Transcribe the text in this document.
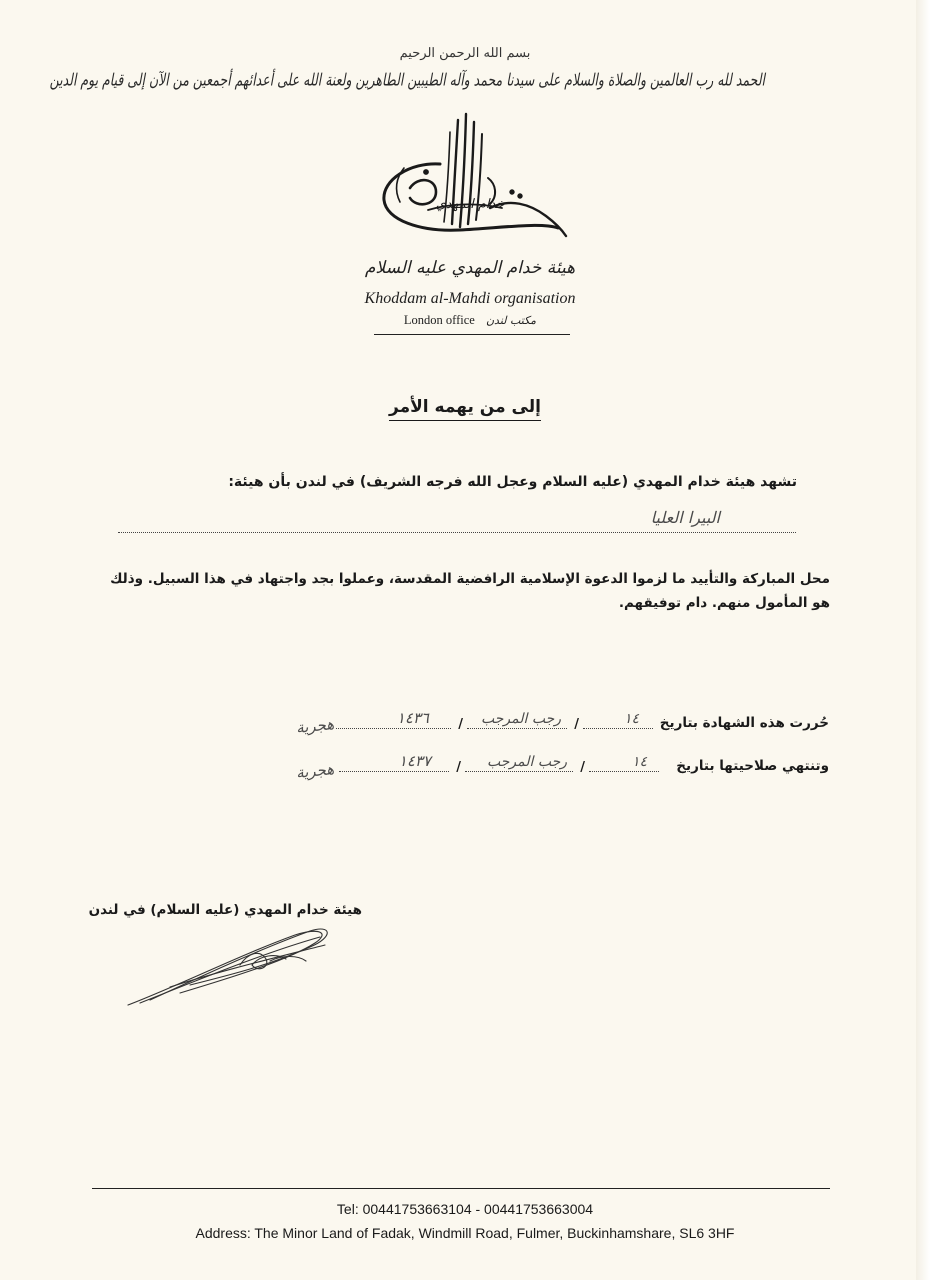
بسم الله الرحمن الرحيم
الحمد لله رب العالمين والصلاة والسلام على سيدنا محمد وآله الطيبين الطاهرين ولعنة الله على أعدائهم أجمعين من الآن إلى قيام يوم الدين
خدام المهدي
هيئة خدام المهدي عليه السلام
Khoddam al-Mahdi organisation
London office مكتب لندن
إلى من يهمه الأمر
تشهد هيئة خدام المهدي (عليه السلام وعجل الله فرجه الشريف) في لندن بأن هيئة:
البيرا العليا
محل المباركة والتأييد ما لزموا الدعوة الإسلامية الرافضية المقدسة، وعملوا بجد واجتهاد في هذا السبيل. وذلك هو المأمول منهم. دام توفيقهم.
حُررت هذه الشهادة بتاريخ
١٤
/
رجب المرجب
/
١٤٣٦
هجرية
وتنتهي صلاحيتها بتاريخ
١٤
/
رجب المرجب
/
١٤٣٧
هجرية
هيئة خدام المهدي (عليه السلام) في لندن
Tel: 00441753663104 - 00441753663004
Address: The Minor Land of Fadak, Windmill Road, Fulmer, Buckinhamshare, SL6 3HF
